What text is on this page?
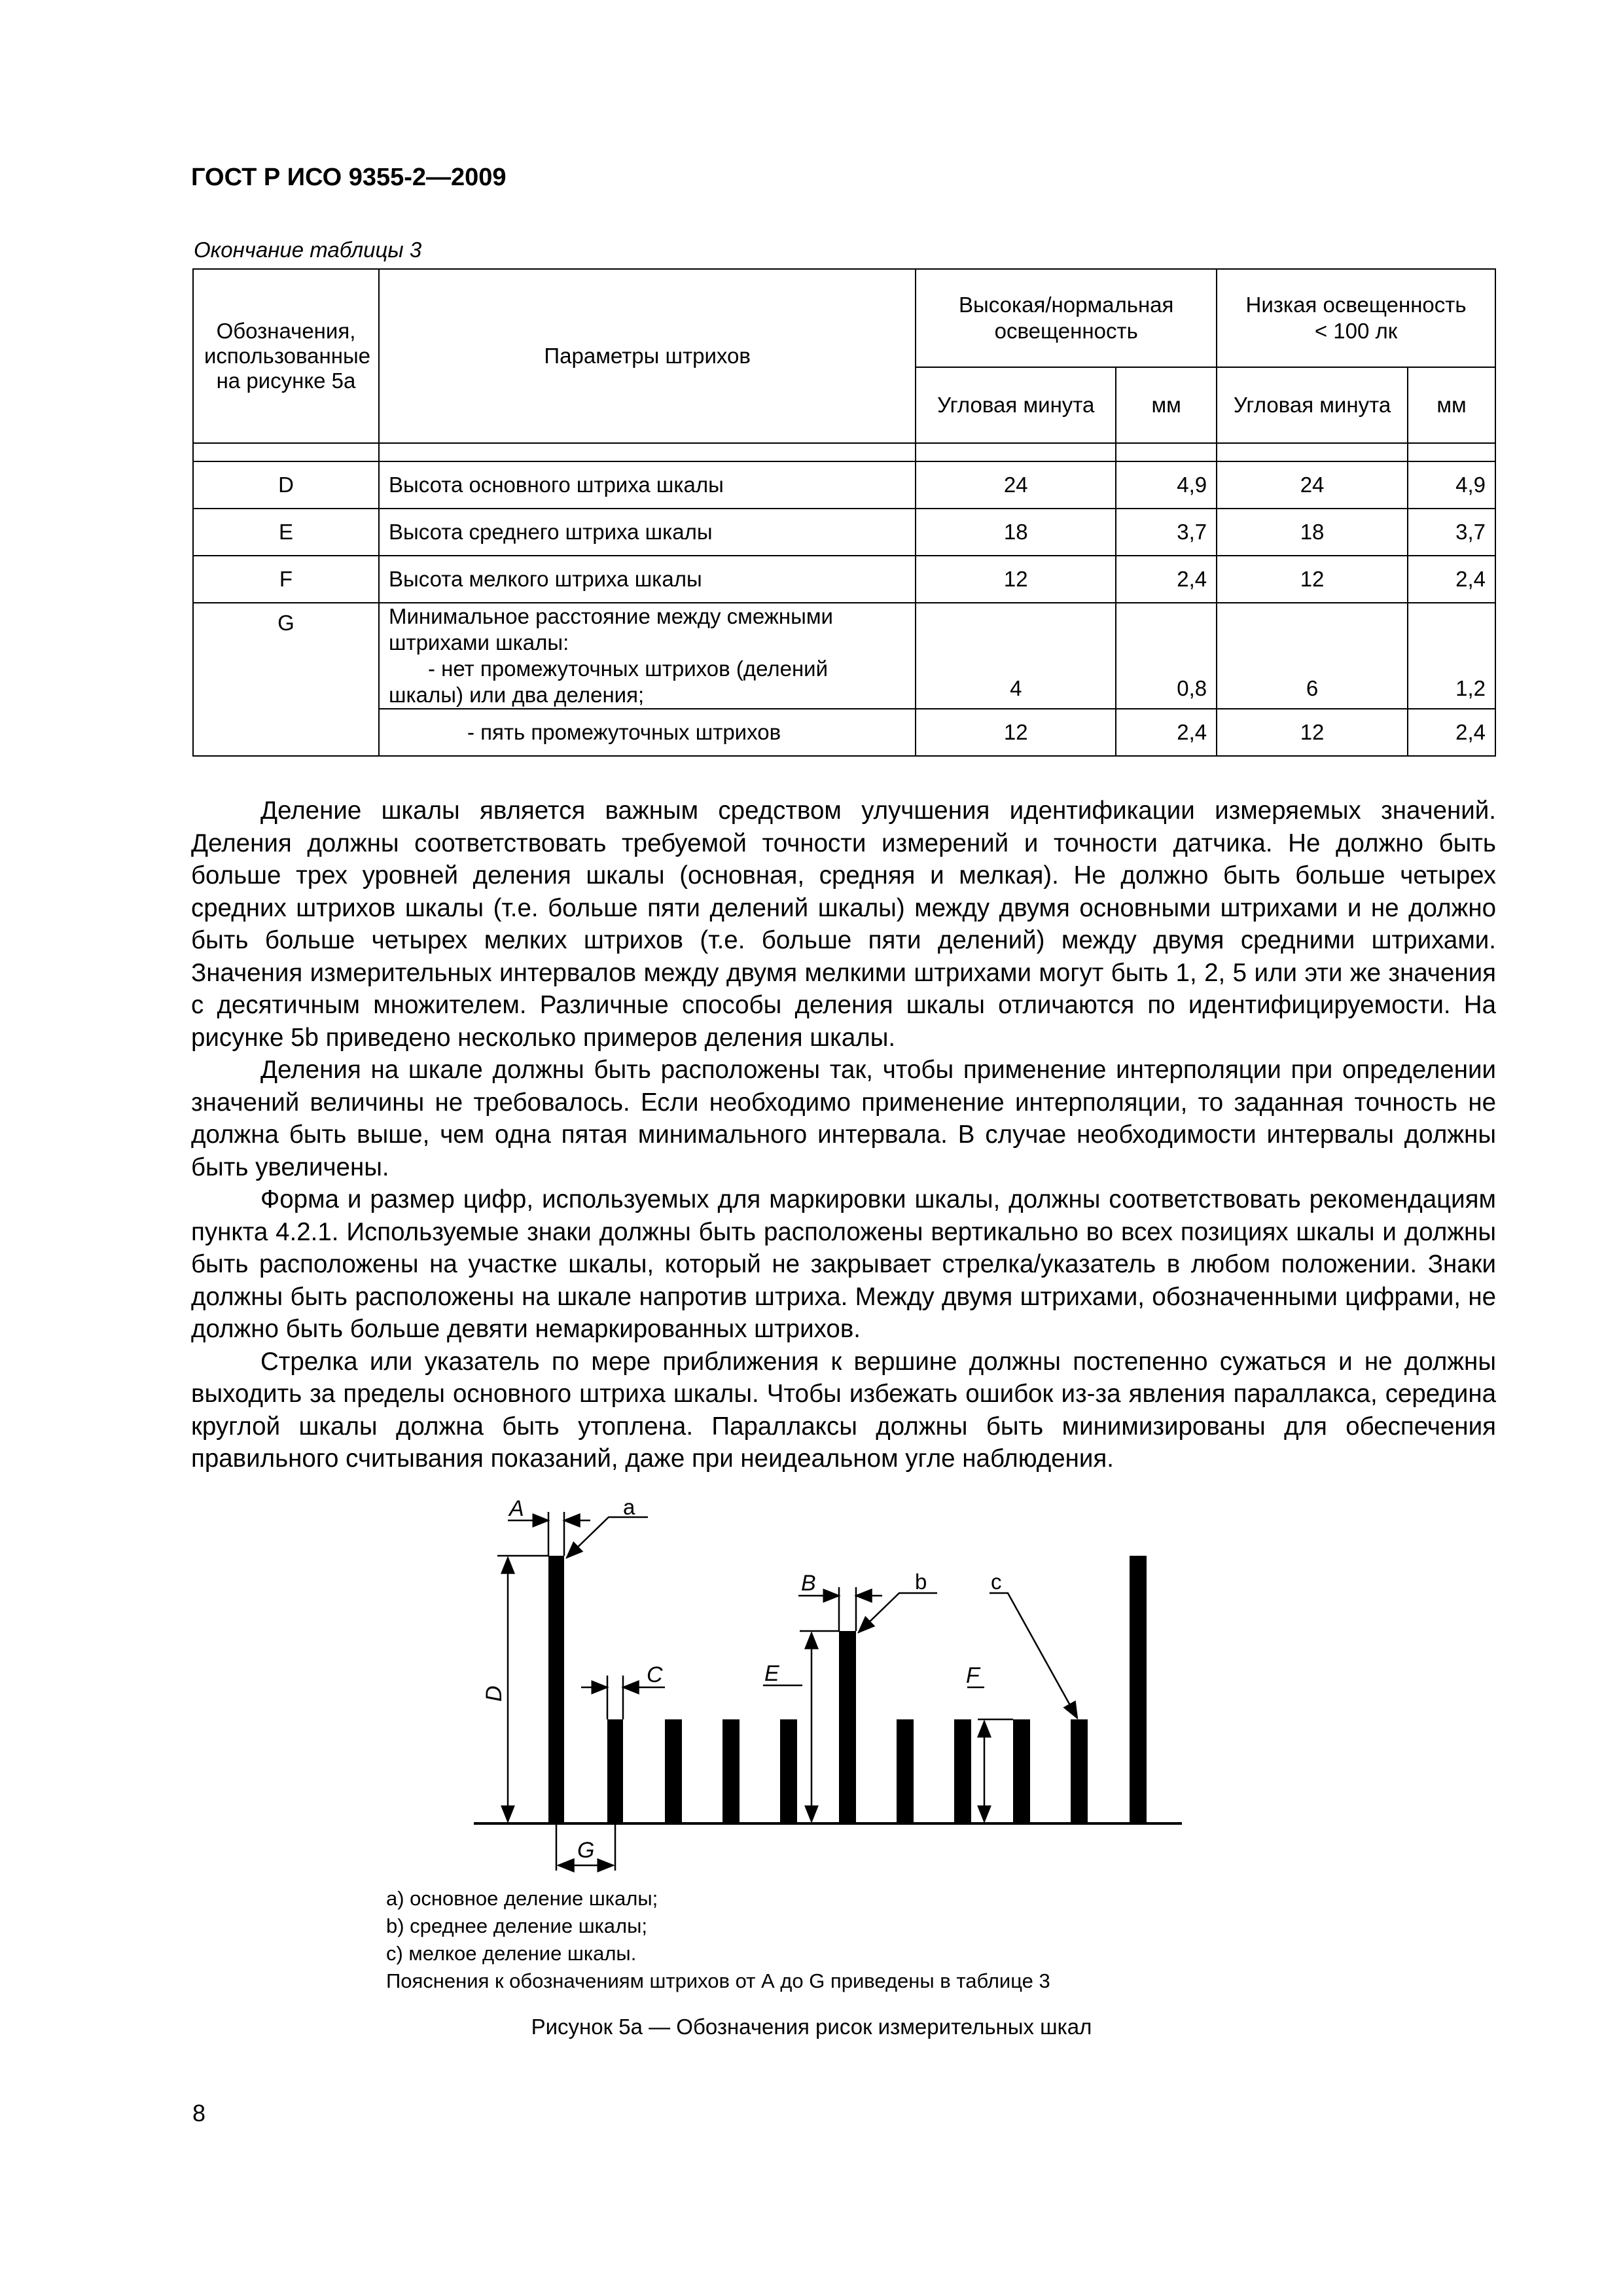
ГОСТ Р ИСО 9355-2—2009
Окончание таблицы 3
Обозначения, использованные на рисунке 5а	Параметры штрихов	Высокая/нормальная освещенность		Низкая освещенность < 100 лк	
		Угловая минута	мм	Угловая минута	мм

D	Высота основного штриха шкалы	24	4,9	24	4,9
E	Высота среднего штриха шкалы	18	3,7	18	3,7
F	Высота мелкого штриха шкалы	12	2,4	12	2,4
G	Минимальное расстояние между смежными
штрихами шкалы:
- нет промежуточных штрихов (делений
шкалы) или два деления;	4	0,8	6	1,2
	- пять промежуточных штрихов	12	2,4	12	2,4

Деление шкалы является важным средством улучшения идентификации измеряемых значений. Деления должны соответствовать требуемой точности измерений и точности датчика. Не должно быть больше трех уровней деления шкалы (основная, средняя и мелкая). Не должно быть больше четырех средних штрихов шкалы (т.е. больше пяти делений шкалы) между двумя основными штрихами и не должно быть больше четырех мелких штрихов (т.е. больше пяти делений) между двумя средними штрихами. Значения измерительных интервалов между двумя мелкими штрихами могут быть 1, 2, 5 или эти же значения с десятичным множителем. Различные способы деления шкалы отличаются по идентифицируемости. На рисунке 5b приведено несколько примеров деления шкалы.

Деления на шкале должны быть расположены так, чтобы применение интерполяции при определении значений величины не требовалось. Если необходимо применение интерполяции, то заданная точность не должна быть выше, чем одна пятая минимального интервала. В случае необходимости интервалы должны быть увеличены.

Форма и размер цифр, используемых для маркировки шкалы, должны соответствовать рекомендациям пункта 4.2.1. Используемые знаки должны быть расположены вертикально во всех позициях шкалы и должны быть расположены на участке шкалы, который не закрывает стрелка/указатель в любом положении. Знаки должны быть расположены на шкале напротив штриха. Между двумя штрихами, обозначенными цифрами, не должно быть больше девяти немаркированных штрихов.

Стрелка или указатель по мере приближения к вершине должны постепенно сужаться и не должны выходить за пределы основного штриха шкалы. Чтобы избежать ошибок из-за явления параллакса, середина круглой шкалы должна быть утоплена. Параллаксы должны быть минимизированы для обеспечения правильного считывания показаний, даже при неидеальном угле наблюдения.

A
C
B
E	F
G
D
a
b	c
а) основное деление шкалы;
b) среднее деление шкалы;
с) мелкое деление шкалы.
Пояснения к обозначениям штрихов от А до G приведены в таблице 3
Рисунок 5а — Обозначения рисок измерительных шкал
8
